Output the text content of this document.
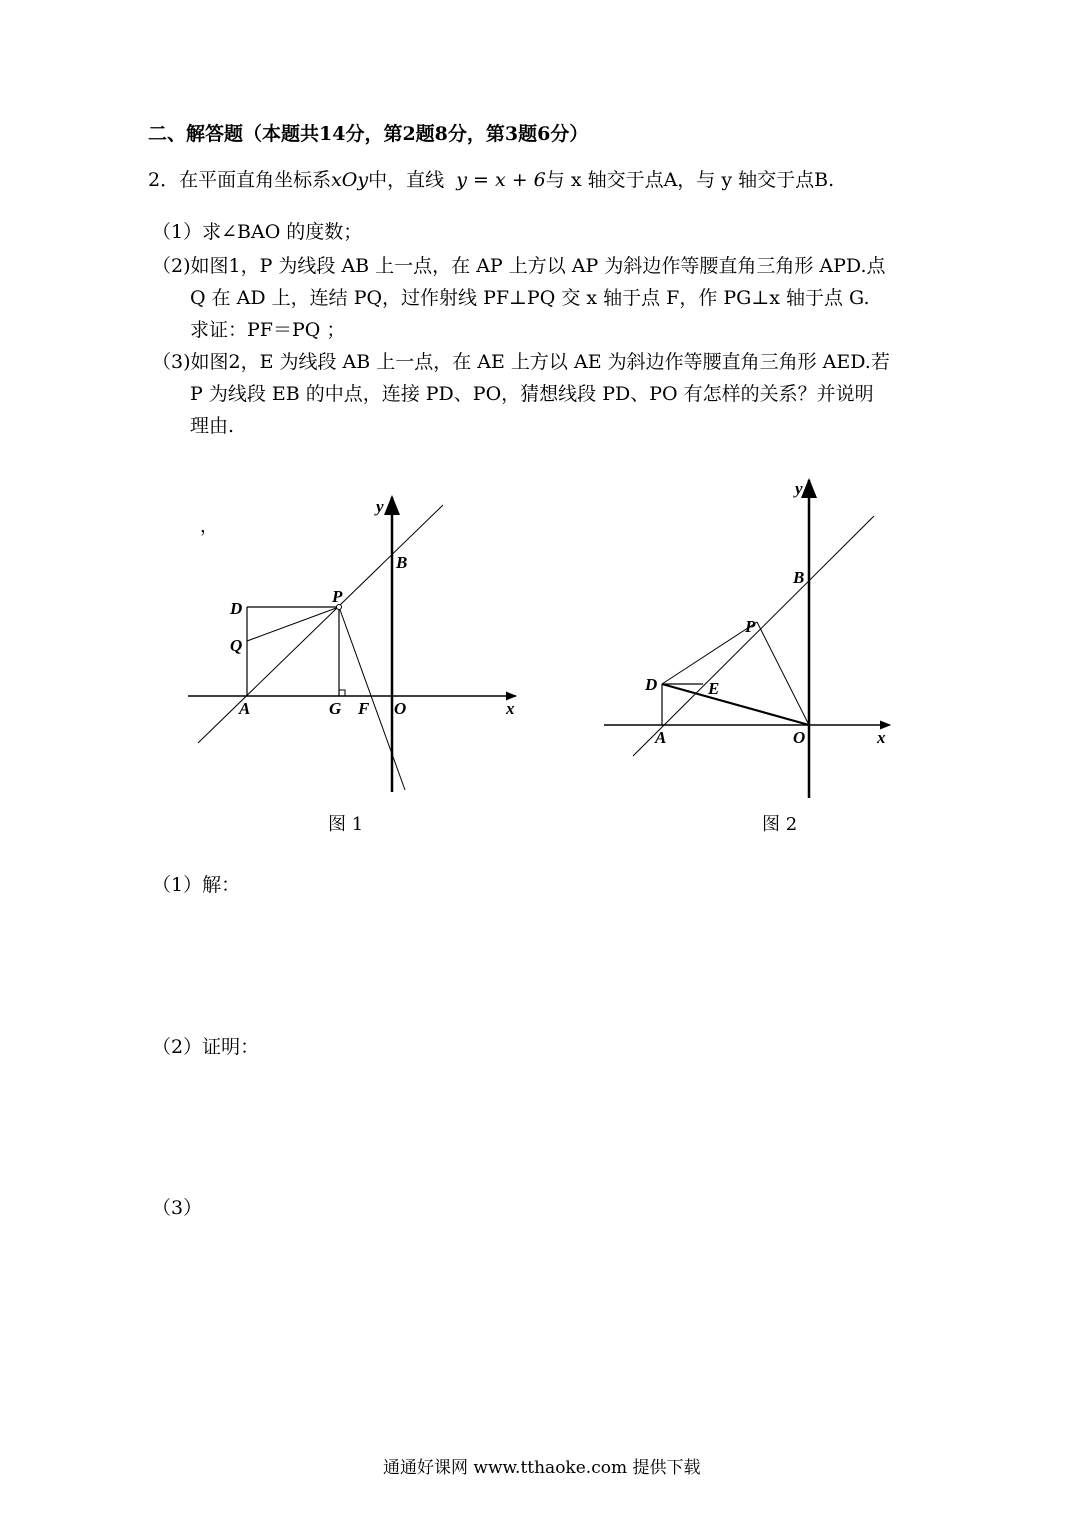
二、解答题（本题共14分，第2题8分，第3题6分）
2．在平面直角坐标系xOy中，直线 y = x + 6与 x 轴交于点A，与 y 轴交于点B.
（1）求∠BAO 的度数；
（2)如图1，P 为线段 AB 上一点，在 AP 上方以 AP 为斜边作等腰直角三角形 APD.点
Q 在 AD 上，连结 PQ，过作射线 PF⊥PQ 交 x 轴于点 F，作 PG⊥x 轴于点 G.
求证：PF＝PQ ；
（3)如图2，E 为线段 AB 上一点，在 AE 上方以 AE 为斜边作等腰直角三角形 AED.若
P 为线段 EB 的中点，连接 PD、PO，猜想线段 PD、PO 有怎样的关系？并说明
理由.
，
y
B
P
D
Q
A	G F O	x
图 1
y
B
P
D	E
A	O	x
图 2
（1）解：
（2）证明：
（3）
通通好课网 www.tthaoke.com 提供下载
